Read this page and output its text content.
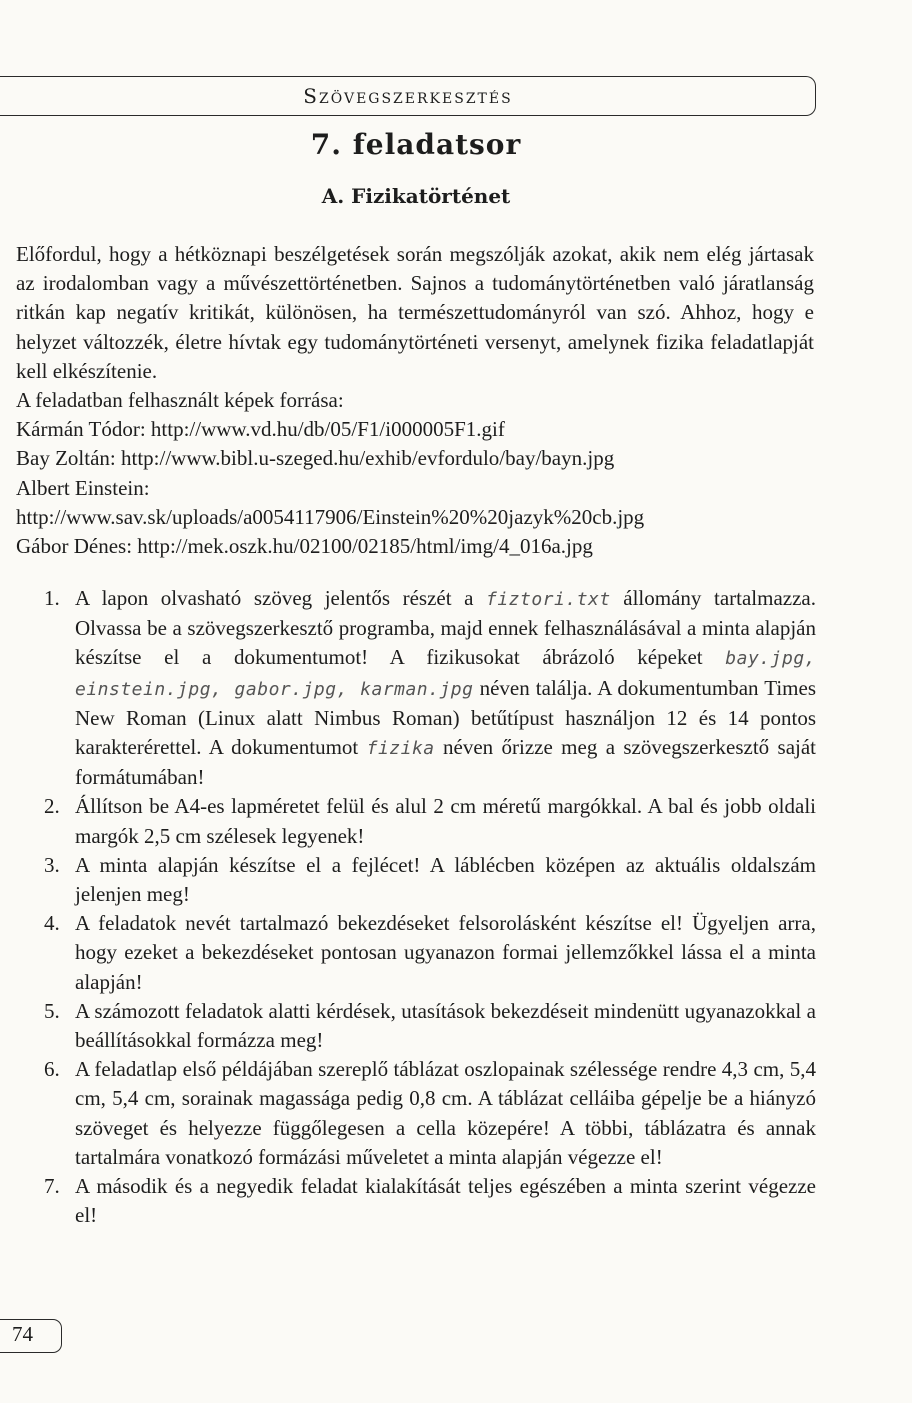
Szövegszerkesztés
7. feladatsor
A. Fizikatörténet

Előfordul, hogy a hétköznapi beszélgetések során megszólják azokat, akik nem elég jártasak az irodalomban vagy a művészettörténetben. Sajnos a tudománytörténetben való járatlanság ritkán kap negatív kritikát, különösen, ha természettudományról van szó. Ahhoz, hogy e helyzet változzék, életre hívtak egy tudománytörténeti versenyt, amelynek fizika feladatlapját kell elkészítenie.

A feladatban felhasznált képek forrása:
Kármán Tódor: http://www.vd.hu/db/05/F1/i000005F1.gif
Bay Zoltán: http://www.bibl.u-szeged.hu/exhib/evfordulo/bay/bayn.jpg
Albert Einstein:
http://www.sav.sk/uploads/a0054117906/Einstein%20%20jazyk%20cb.jpg
Gábor Dénes: http://mek.oszk.hu/02100/02185/html/img/4_016a.jpg
1. A lapon olvasható szöveg jelentős részét a fiztori.txt állomány tartalmazza. Olvassa be a szövegszerkesztő programba, majd ennek felhasználásával a minta alapján készítse el a dokumentumot! A fizikusokat ábrázoló képeket bay.jpg, einstein.jpg, gabor.jpg, karman.jpg néven találja. A dokumentumban Times New Roman (Linux alatt Nimbus Roman) betűtípust használjon 12 és 14 pontos karakterérettel. A dokumentumot fizika néven őrizze meg a szövegszerkesztő saját formátumában!
2. Állítson be A4-es lapméretet felül és alul 2 cm méretű margókkal. A bal és jobb oldali margók 2,5 cm szélesek legyenek!
3. A minta alapján készítse el a fejlécet! A láblécben középen az aktuális oldalszám jelenjen meg!
4. A feladatok nevét tartalmazó bekezdéseket felsorolásként készítse el! Ügyeljen arra, hogy ezeket a bekezdéseket pontosan ugyanazon formai jellemzőkkel lássa el a minta alapján!
5. A számozott feladatok alatti kérdések, utasítások bekezdéseit mindenütt ugyanazokkal a beállításokkal formázza meg!
6. A feladatlap első példájában szereplő táblázat oszlopainak szélessége rendre 4,3 cm, 5,4 cm, 5,4 cm, sorainak magassága pedig 0,8 cm. A táblázat celláiba gépelje be a hiányzó szöveget és helyezze függőlegesen a cella közepére! A többi, táblázatra és annak tartalmára vonatkozó formázási műveletet a minta alapján végezze el!
7. A második és a negyedik feladat kialakítását teljes egészében a minta szerint végezze el!
74
